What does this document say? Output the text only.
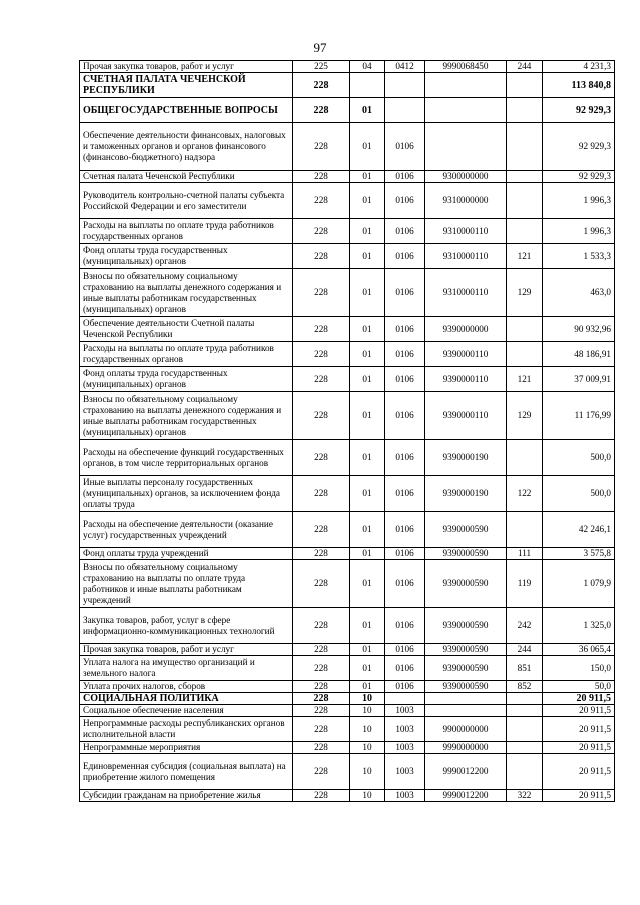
97
Прочая закупка товаров, работ и услуг	225	04	0412	9990068450	244	4 231,3
СЧЕТНАЯ ПАЛАТА ЧЕЧЕНСКОЙ РЕСПУБЛИКИ	228					113 840,8
ОБЩЕГОСУДАРСТВЕННЫЕ ВОПРОСЫ	228	01				92 929,3
Обеспечение деятельности финансовых, налоговых и таможенных органов и органов финансового (финансово-бюджетного) надзора	228	01	0106			92 929,3
Счетная палата Чеченской Республики	228	01	0106	9300000000		92 929,3
Руководитель контрольно-счетной палаты субъекта Российской Федерации и его заместители	228	01	0106	9310000000		1 996,3
Расходы на выплаты по оплате труда работников государственных органов	228	01	0106	9310000110		1 996,3
Фонд оплаты труда государственных (муниципальных) органов	228	01	0106	9310000110	121	1 533,3
Взносы по обязательному социальному страхованию на выплаты денежного содержания и иные выплаты работникам государственных (муниципальных) органов	228	01	0106	9310000110	129	463,0
Обеспечение деятельности Счетной палаты Чеченской Республики	228	01	0106	9390000000		90 932,96
Расходы на выплаты по оплате труда работников государственных органов	228	01	0106	9390000110		48 186,91
Фонд оплаты труда государственных (муниципальных) органов	228	01	0106	9390000110	121	37 009,91
Взносы по обязательному социальному страхованию на выплаты денежного содержания и иные выплаты работникам государственных (муниципальных) органов	228	01	0106	9390000110	129	11 176,99
Расходы на обеспечение функций государственных органов, в том числе территориальных органов	228	01	0106	9390000190		500,0
Иные выплаты персоналу государственных (муниципальных) органов, за исключением фонда оплаты труда	228	01	0106	9390000190	122	500,0
Расходы на обеспечение деятельности (оказание услуг) государственных учреждений	228	01	0106	9390000590		42 246,1
Фонд оплаты труда учреждений	228	01	0106	9390000590	111	3 575,8
Взносы по обязательному социальному страхованию на выплаты по оплате труда работников и иные выплаты работникам учреждений	228	01	0106	9390000590	119	1 079,9
Закупка товаров, работ, услуг в сфере информационно-коммуникационных технологий	228	01	0106	9390000590	242	1 325,0
Прочая закупка товаров, работ и услуг	228	01	0106	9390000590	244	36 065,4
Уплата налога на имущество организаций и земельного налога	228	01	0106	9390000590	851	150,0
Уплата прочих налогов, сборов	228	01	0106	9390000590	852	50,0
СОЦИАЛЬНАЯ ПОЛИТИКА	228	10				20 911,5
Социальное обеспечение населения	228	10	1003			20 911,5
Непрограммные расходы республиканских органов исполнительной власти	228	10	1003	9900000000		20 911,5
Непрограммные мероприятия	228	10	1003	9990000000		20 911,5
Единовременная субсидия (социальная выплата) на приобретение жилого помещения	228	10	1003	9990012200		20 911,5
Субсидии гражданам на приобретение жилья	228	10	1003	9990012200	322	20 911,5
